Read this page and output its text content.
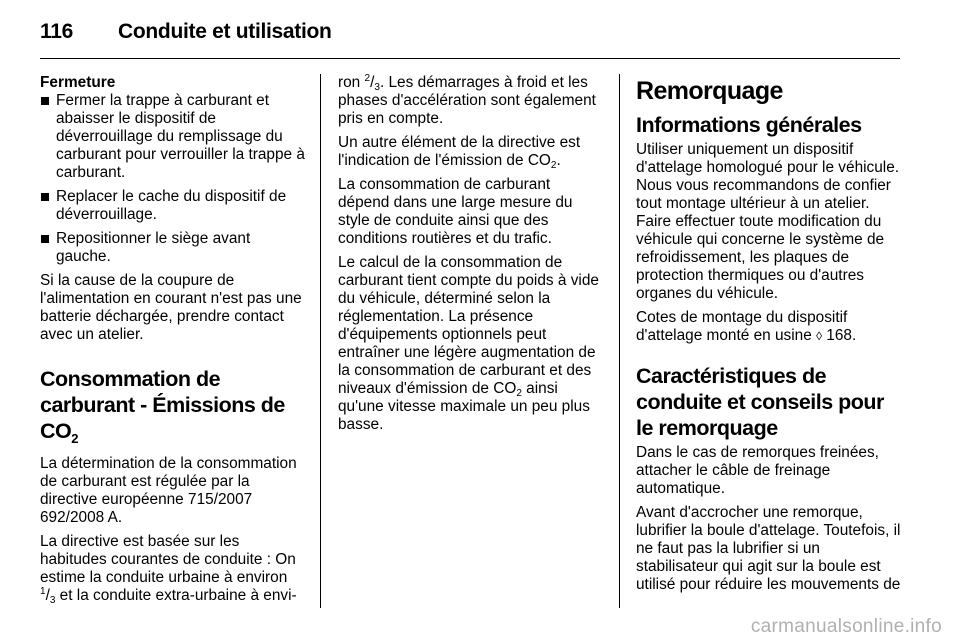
116 Conduite et utilisation
Fermeture
Fermer la trappe à carburant et abaisser le dispositif de déverrouillage du remplissage du carburant pour verrouiller la trappe à carburant.
Replacer le cache du dispositif de déverrouillage.
Repositionner le siège avant gauche.
Si la cause de la coupure de l'alimentation en courant n'est pas une batterie déchargée, prendre contact avec un atelier.
Consommation de carburant - Émissions de $CO_2$
La détermination de la consommation de carburant est régulée par la directive européenne 715/2007 692/2008 A.
La directive est basée sur les habitudes courantes de conduite : On estime la conduite urbaine à environ $^1/_3$ et la conduite extra-urbaine à envi-
ron $^2/_3$. Les démarrages à froid et les phases d'accélération sont également pris en compte.
Un autre élément de la directive est l'indication de l'émission de $CO_2$.
La consommation de carburant dépend dans une large mesure du style de conduite ainsi que des conditions routières et du trafic.
Le calcul de la consommation de carburant tient compte du poids à vide du véhicule, déterminé selon la réglementation. La présence d'équipements optionnels peut entraîner une légère augmentation de la consommation de carburant et des niveaux d'émission de $CO_2$ ainsi qu'une vitesse maximale un peu plus basse.
Remorquage
Informations générales
Utiliser uniquement un dispositif d'attelage homologué pour le véhicule. Nous vous recommandons de confier tout montage ultérieur à un atelier. Faire effectuer toute modification du véhicule qui concerne le système de refroidissement, les plaques de protection thermiques ou d'autres organes du véhicule.
Cotes de montage du dispositif d'attelage monté en usine ◊ 168.
Caractéristiques de conduite et conseils pour le remorquage
Dans le cas de remorques freinées, attacher le câble de freinage automatique.
Avant d'accrocher une remorque, lubrifier la boule d'attelage. Toutefois, il ne faut pas la lubrifier si un stabilisateur qui agit sur la boule est utilisé pour réduire les mouvements de
carmanualsonline.info
